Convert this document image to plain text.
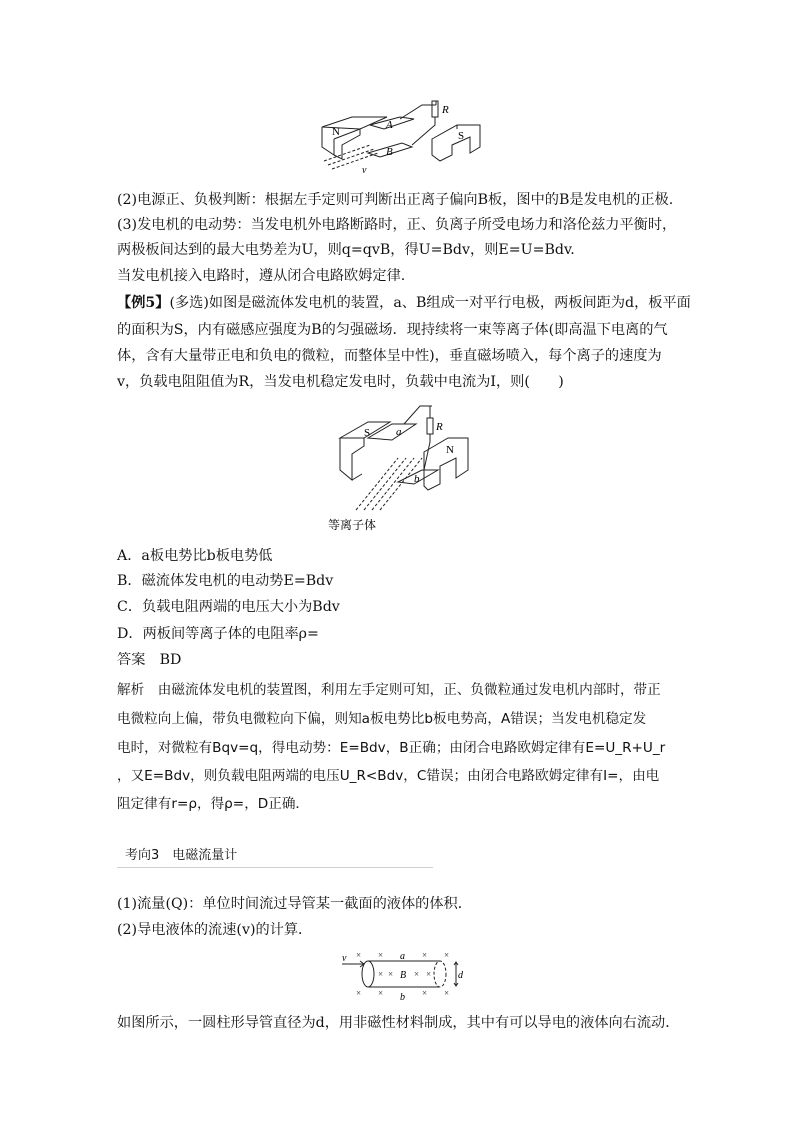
N
A
B
S
R
v
(2)电源正、负极判断：根据左手定则可判断出正离子偏向B板，图中的B是发电机的正极.
(3)发电机的电动势：当发电机外电路断路时，正、负离子所受电场力和洛伦兹力平衡时，
两极板间达到的最大电势差为U，则q=qvB，得U=Bdv，则E=U=Bdv.
当发电机接入电路时，遵从闭合电路欧姆定律.
【例5】(多选)如图是磁流体发电机的装置，a、B组成一对平行电极，两板间距为d，板平面
的面积为S，内有磁感应强度为B的匀强磁场．现持续将一束等离子体(即高温下电离的气
体，含有大量带正电和负电的微粒，而整体呈中性)，垂直磁场喷入，每个离子的速度为
v，负载电阻阻值为R，当发电机稳定发电时，负载中电流为I，则(　　)
S a	R
N
b
等离子体
A．a板电势比b板电势低
B．磁流体发电机的电动势E=Bdv
C．负载电阻两端的电压大小为Bdv
D．两板间等离子体的电阻率ρ=
答案　BD
解析　由磁流体发电机的装置图，利用左手定则可知，正、负微粒通过发电机内部时，带正
电微粒向上偏，带负电微粒向下偏，则知a板电势比b板电势高，A错误；当发电机稳定发
电时，对微粒有Bqv=q，得电动势：E=Bdv，B正确；由闭合电路欧姆定律有E=U_R+U_r
，又E=Bdv，则负载电阻两端的电压U_R<Bdv，C错误；由闭合电路欧姆定律有I=，由电
阻定律有r=ρ，得ρ=，D正确．
考向3　电磁流量计
(1)流量(Q)：单位时间流过导管某一截面的液体的体积．
(2)导电液体的流速(v)的计算．
× ×	× ×
× × × ×
× ×	× ×
v	a
B
b
d
如图所示，一圆柱形导管直径为d，用非磁性材料制成，其中有可以导电的液体向右流动．
